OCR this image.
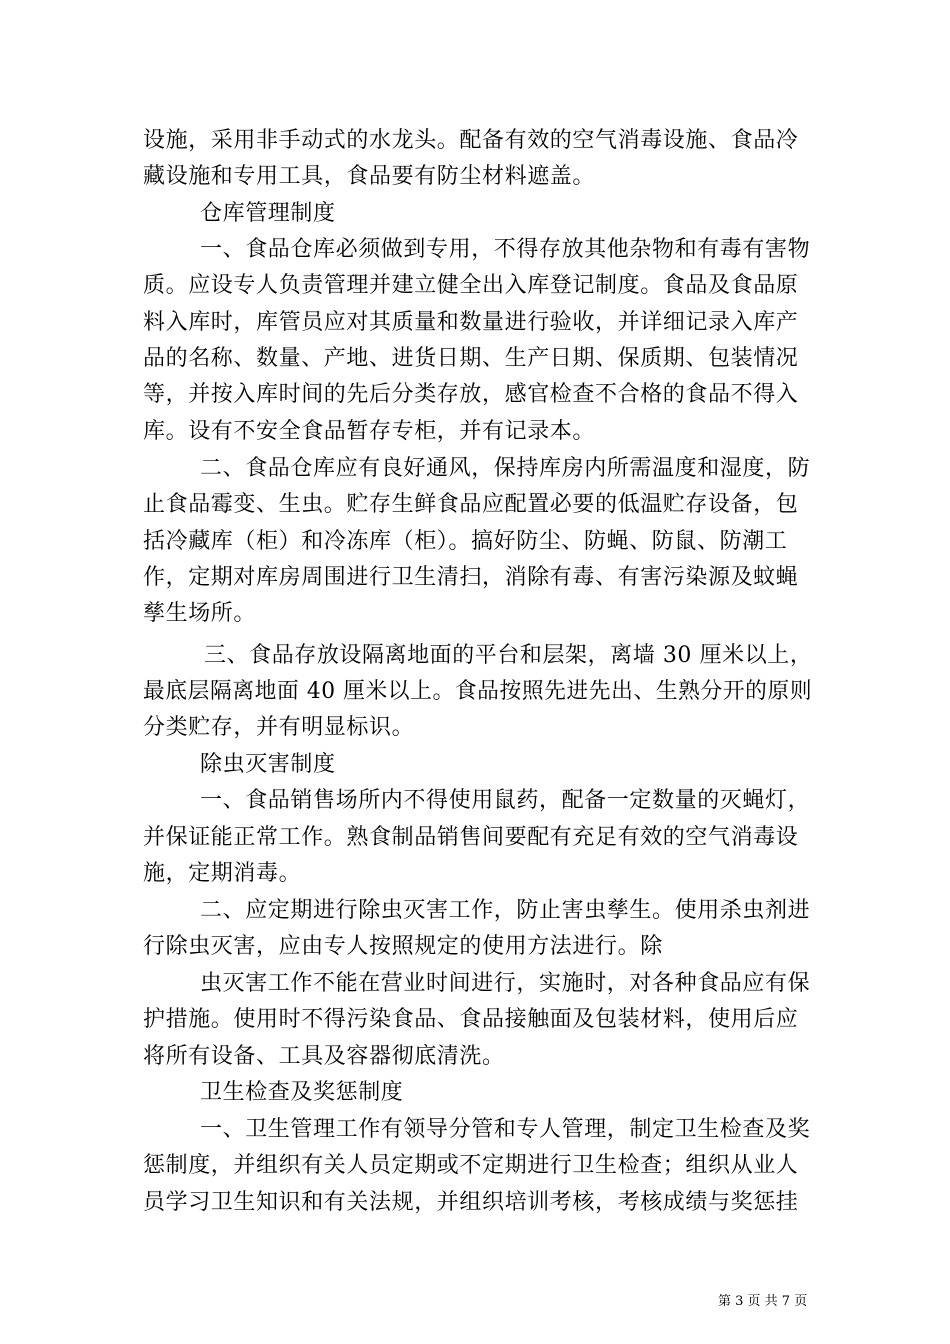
设施，采用非手动式的水龙头。配备有效的空气消毒设施、食品冷
藏设施和专用工具，食品要有防尘材料遮盖。
仓库管理制度
一、食品仓库必须做到专用，不得存放其他杂物和有毒有害物
质。应设专人负责管理并建立健全出入库登记制度。食品及食品原
料入库时，库管员应对其质量和数量进行验收，并详细记录入库产
品的名称、数量、产地、进货日期、生产日期、保质期、包装情况
等，并按入库时间的先后分类存放，感官检查不合格的食品不得入
库。设有不安全食品暂存专柜，并有记录本。
二、食品仓库应有良好通风，保持库房内所需温度和湿度，防
止食品霉变、生虫。贮存生鲜食品应配置必要的低温贮存设备，包
括冷藏库（柜）和冷冻库（柜）。搞好防尘、防蝇、防鼠、防潮工
作，定期对库房周围进行卫生清扫，消除有毒、有害污染源及蚊蝇
孳生场所。
三、食品存放设隔离地面的平台和层架，离墙 30 厘米以上，
最底层隔离地面 40 厘米以上。食品按照先进先出、生熟分开的原则
分类贮存，并有明显标识。
除虫灭害制度
一、食品销售场所内不得使用鼠药，配备一定数量的灭蝇灯，
并保证能正常工作。熟食制品销售间要配有充足有效的空气消毒设
施，定期消毒。
二、应定期进行除虫灭害工作，防止害虫孳生。使用杀虫剂进
行除虫灭害，应由专人按照规定的使用方法进行。除
虫灭害工作不能在营业时间进行，实施时，对各种食品应有保
护措施。使用时不得污染食品、食品接触面及包装材料，使用后应
将所有设备、工具及容器彻底清洗。
卫生检查及奖惩制度
一、卫生管理工作有领导分管和专人管理，制定卫生检查及奖
惩制度，并组织有关人员定期或不定期进行卫生检查；组织从业人
员学习卫生知识和有关法规，并组织培训考核，考核成绩与奖惩挂
第 3 页 共 7 页
